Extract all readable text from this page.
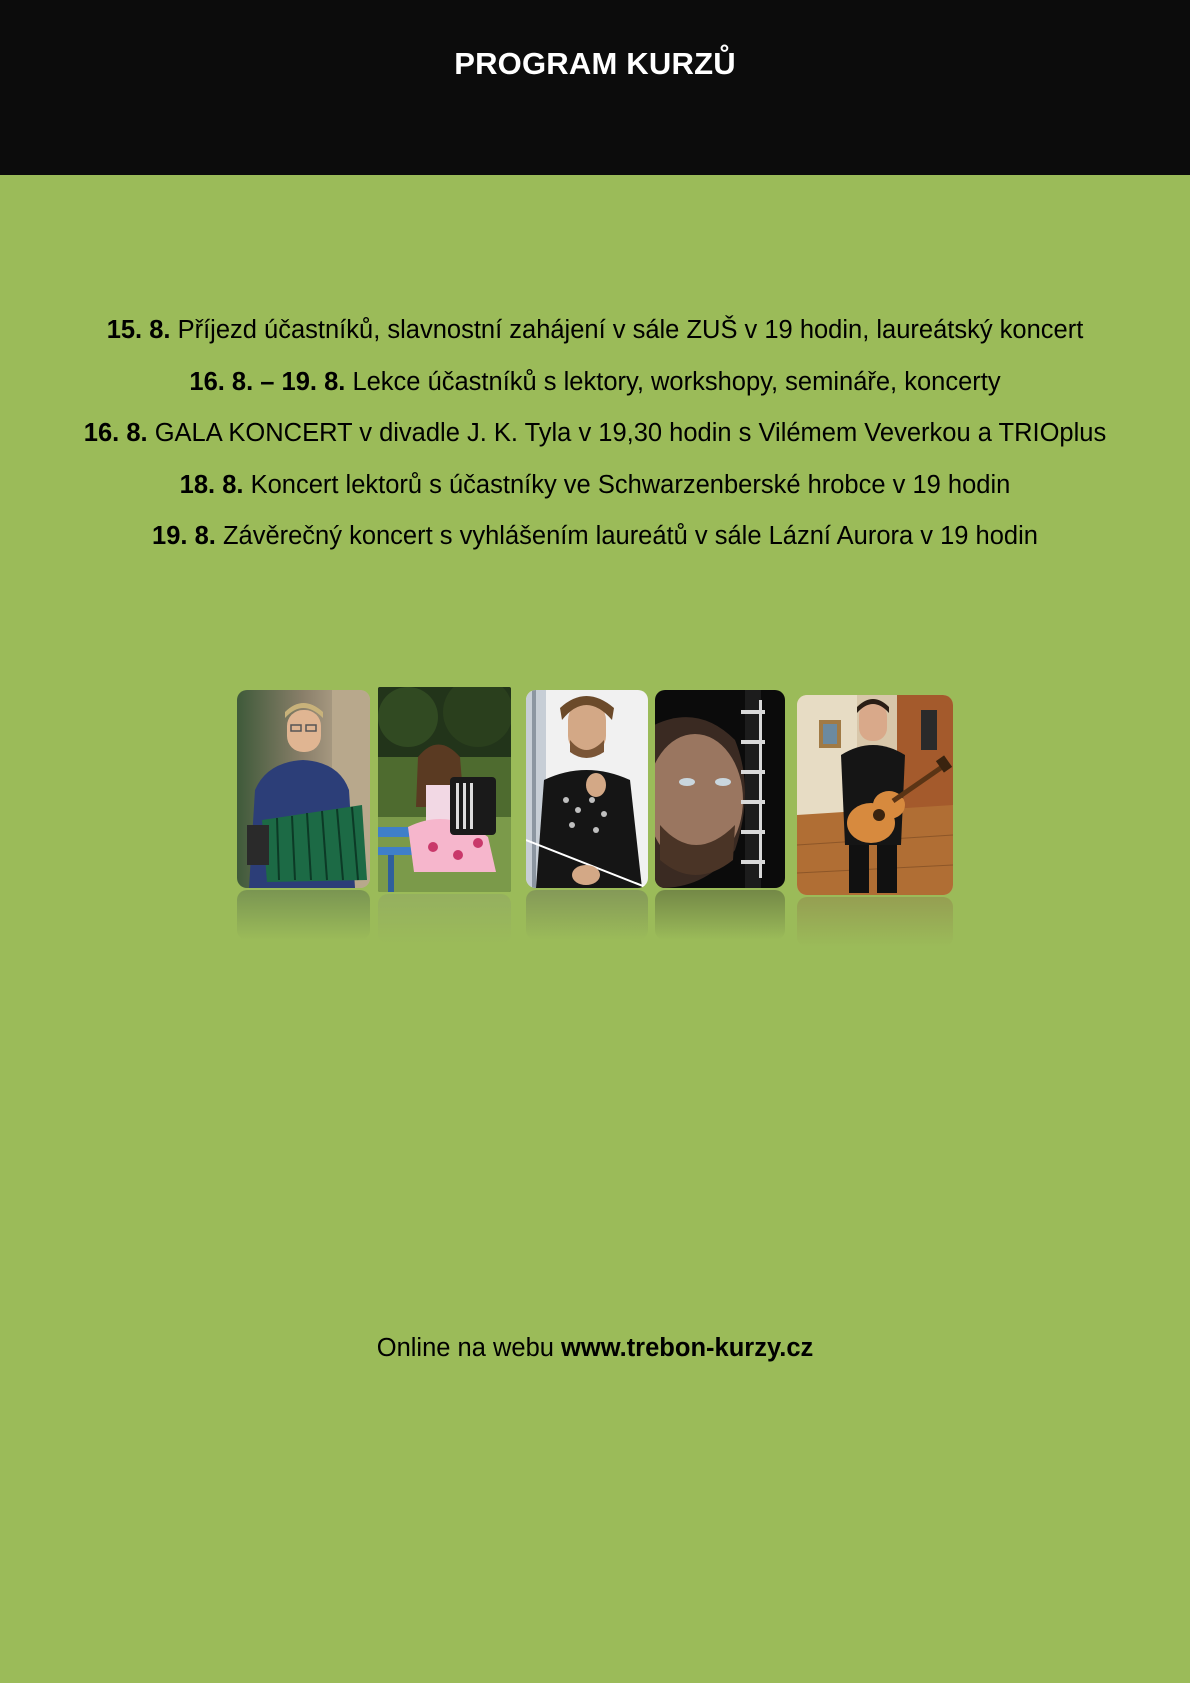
PROGRAM KURZŮ
15. 8. Příjezd účastníků, slavnostní zahájení v sále ZUŠ v 19 hodin, laureátský koncert
16. 8. – 19. 8. Lekce účastníků s lektory, workshopy, semináře, koncerty
16. 8. GALA KONCERT v divadle J. K. Tyla v 19,30 hodin s Vilémem Veverkou a TRIOplus
18. 8. Koncert lektorů s účastníky ve Schwarzenberské hrobce v 19 hodin
19. 8. Závěrečný koncert s vyhlášením laureátů v sále Lázní Aurora v 19 hodin
Online na webu www.trebon-kurzy.cz
